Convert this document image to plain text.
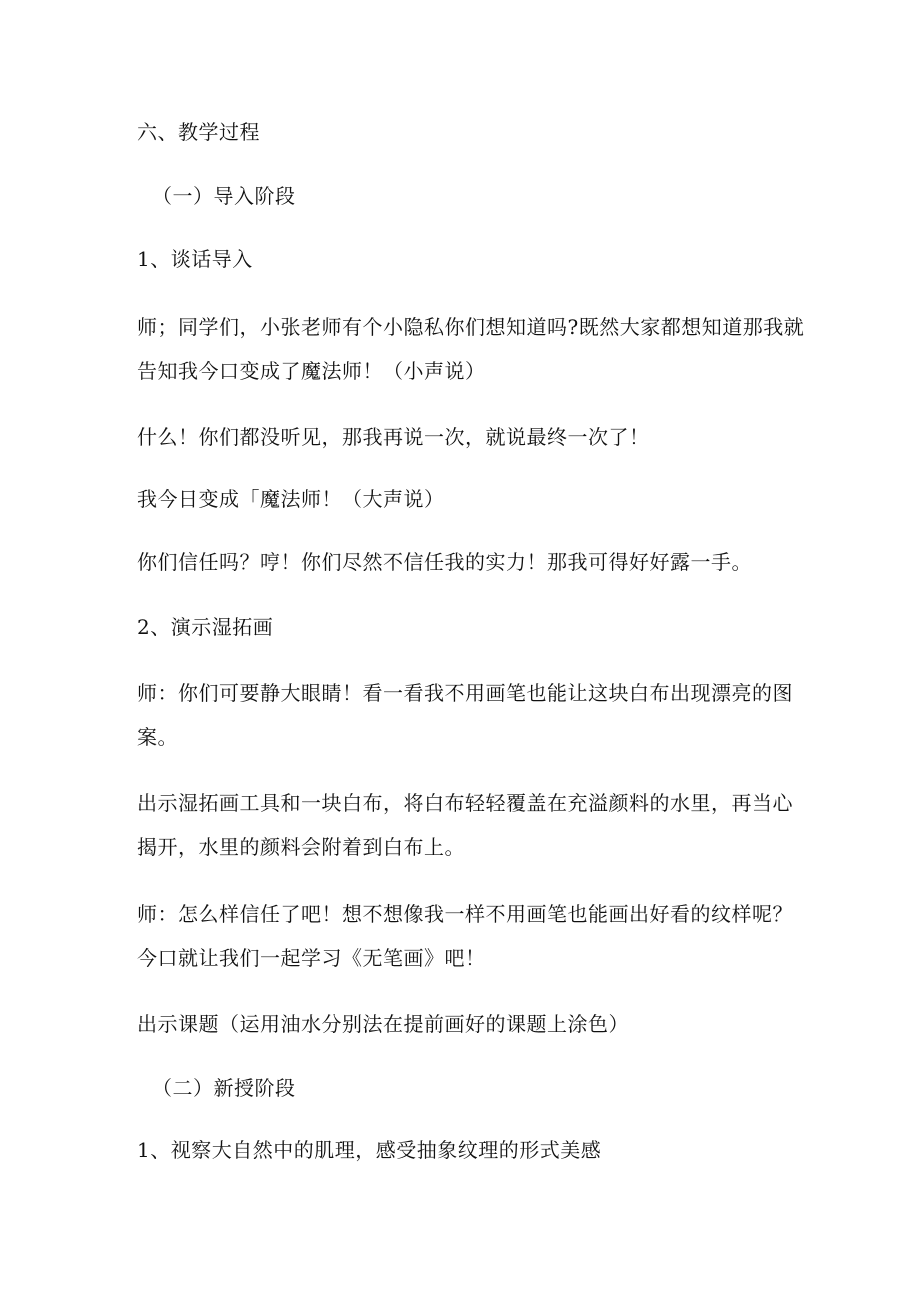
六、教学过程
（一）导入阶段
1、谈话导入
师；同学们，小张老师有个小隐私你们想知道吗?既然大家都想知道那我就
告知我今口变成了魔法师！（小声说）
什么！你们都没听见，那我再说一次，就说最终一次了！
我今日变成「魔法师！（大声说）
你们信任吗？哼！你们尽然不信任我的实力！那我可得好好露一手。
2、演示湿拓画
师：你们可要静大眼睛！看一看我不用画笔也能让这块白布出现漂亮的图
案。
出示湿拓画工具和一块白布，将白布轻轻覆盖在充溢颜料的水里，再当心
揭开，水里的颜料会附着到白布上。
师：怎么样信任了吧！想不想像我一样不用画笔也能画出好看的纹样呢？
今口就让我们一起学习《无笔画》吧！
出示课题（运用油水分别法在提前画好的课题上涂色）
（二）新授阶段
1、视察大自然中的肌理，感受抽象纹理的形式美感
